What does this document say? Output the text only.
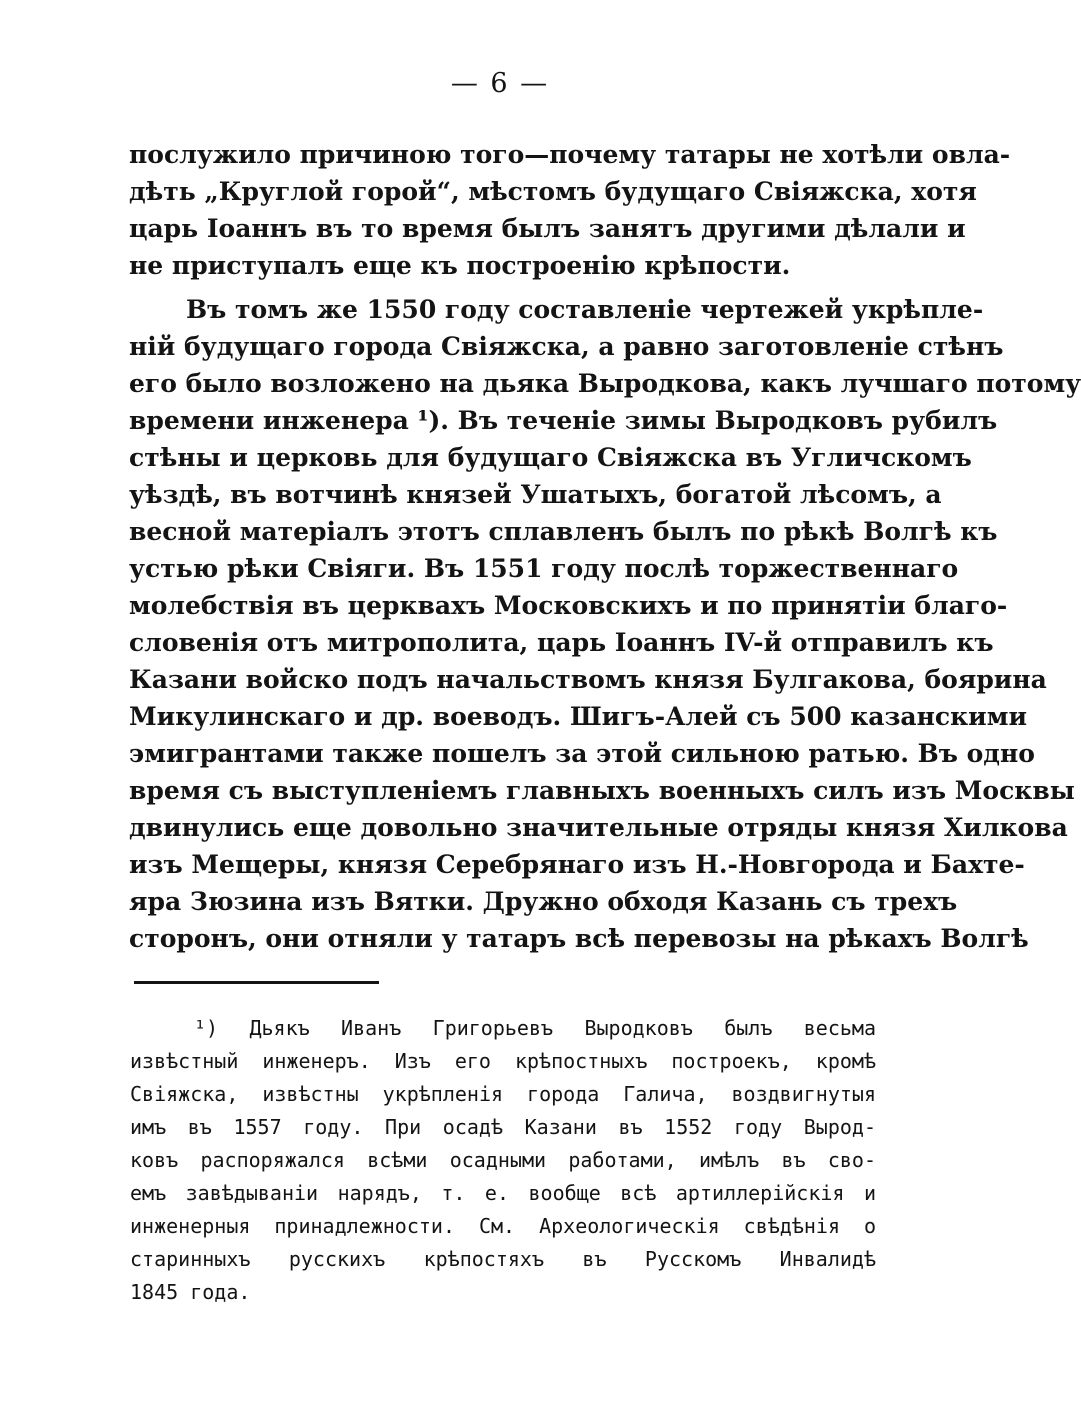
— 6 —
послужило причиною того—почему татары не хотѣли овла-
дѣть „Круглой горой“, мѣстомъ будущаго Свіяжска, хотя
царь Іоаннъ въ то время былъ занятъ другими дѣлали и
не приступалъ еще къ построенію крѣпости.
Въ томъ же 1550 году составленіе чертежей укрѣпле-
ній будущаго города Свіяжска, а равно заготовленіе стѣнъ
его было возложено на дьяка Выродкова, какъ лучшаго потому
времени инженера ¹). Въ теченіе зимы Выродковъ рубилъ
стѣны и церковь для будущаго Свіяжска въ Угличскомъ
уѣздѣ, въ вотчинѣ князей Ушатыхъ, богатой лѣсомъ, а
весной матеріалъ этотъ сплавленъ былъ по рѣкѣ Волгѣ къ
устью рѣки Свіяги. Въ 1551 году послѣ торжественнаго
молебствія въ церквахъ Московскихъ и по принятіи благо-
словенія отъ митрополита, царь Іоаннъ IV-й отправилъ къ
Казани войско подъ начальствомъ князя Булгакова, боярина
Микулинскаго и др. воеводъ. Шигъ-Алей съ 500 казанскими
эмигрантами также пошелъ за этой сильною ратью. Въ одно
время съ выступленіемъ главныхъ военныхъ силъ изъ Москвы
двинулись еще довольно значительные отряды князя Хилкова
изъ Мещеры, князя Серебрянаго изъ Н.-Новгорода и Бахте-
яра Зюзина изъ Вятки. Дружно обходя Казань съ трехъ
сторонъ, они отняли у татаръ всѣ перевозы на рѣкахъ Волгѣ
¹) Дьякъ Иванъ Григорьевъ Выродковъ былъ весьма
извѣстный инженеръ. Изъ его крѣпостныхъ построекъ, кромѣ
Свіяжска, извѣстны укрѣпленія города Галича, воздвигнутыя
имъ въ 1557 году. При осадѣ Казани въ 1552 году Вырод-
ковъ распоряжался всѣми осадными работами, имѣлъ въ сво-
емъ завѣдываніи нарядъ, т. е. вообще всѣ артиллерійскія и
инженерныя принадлежности. См. Археологическія свѣдѣнія о
старинныхъ русскихъ крѣпостяхъ въ Русскомъ Инвалидѣ
1845 года.
